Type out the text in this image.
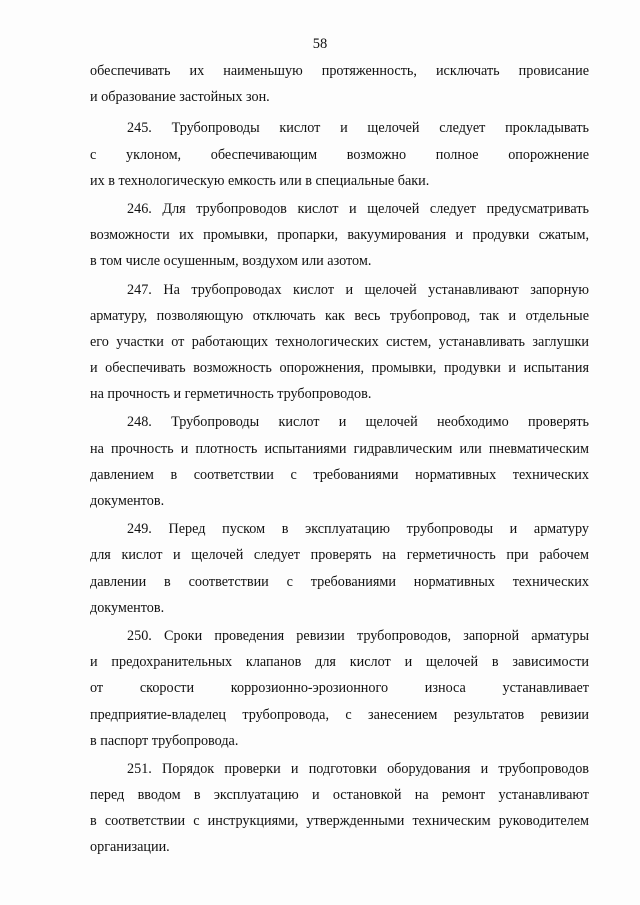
58
обеспечивать их наименьшую протяженность, исключать провисание
и образование застойных зон.
245. Трубопроводы кислот и щелочей следует прокладывать
с уклоном, обеспечивающим возможно полное опорожнение
их в технологическую емкость или в специальные баки.
246. Для трубопроводов кислот и щелочей следует предусматривать
возможности их промывки, пропарки, вакуумирования и продувки сжатым,
в том числе осушенным, воздухом или азотом.
247. На трубопроводах кислот и щелочей устанавливают запорную
арматуру, позволяющую отключать как весь трубопровод, так и отдельные
его участки от работающих технологических систем, устанавливать заглушки
и обеспечивать возможность опорожнения, промывки, продувки и испытания
на прочность и герметичность трубопроводов.
248. Трубопроводы кислот и щелочей необходимо проверять
на прочность и плотность испытаниями гидравлическим или пневматическим
давлением в соответствии с требованиями нормативных технических
документов.
249. Перед пуском в эксплуатацию трубопроводы и арматуру
для кислот и щелочей следует проверять на герметичность при рабочем
давлении в соответствии с требованиями нормативных технических
документов.
250. Сроки проведения ревизии трубопроводов, запорной арматуры
и предохранительных клапанов для кислот и щелочей в зависимости
от скорости коррозионно-эрозионного износа устанавливает
предприятие-владелец трубопровода, с занесением результатов ревизии
в паспорт трубопровода.
251. Порядок проверки и подготовки оборудования и трубопроводов
перед вводом в эксплуатацию и остановкой на ремонт устанавливают
в соответствии с инструкциями, утвержденными техническим руководителем
организации.
